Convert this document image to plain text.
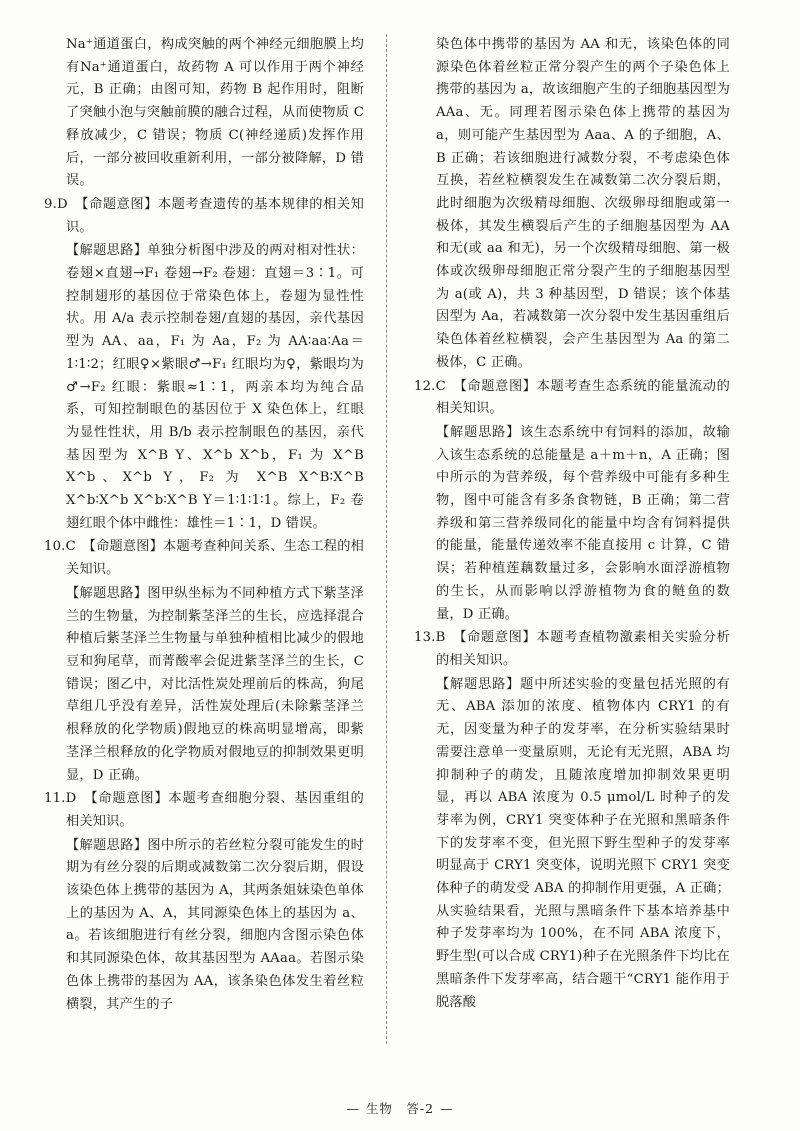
Na⁺通道蛋白，构成突触的两个神经元细胞膜上均有Na⁺通道蛋白，故药物 A 可以作用于两个神经元，B 正确；由图可知，药物 B 起作用时，阻断了突触小泡与突触前膜的融合过程，从而使物质 C 释放减少，C 错误；物质 C(神经递质)发挥作用后，一部分被回收重新利用，一部分被降解，D 错误。

9.D　【命题意图】本题考查遗传的基本规律的相关知识。

【解题思路】单独分析图中涉及的两对相对性状：卷翅×直翅→F₁ 卷翅→F₂ 卷翅：直翅＝3∶1。可控制翅形的基因位于常染色体上，卷翅为显性性状。用 A/a 表示控制卷翅/直翅的基因，亲代基因型为 AA、aa，F₁ 为 Aa，F₂ 为 AA∶aa∶Aa＝1∶1∶2；红眼♀×紫眼♂→F₁ 红眼均为♀，紫眼均为♂→F₂ 红眼：紫眼≈1∶1，两亲本均为纯合品系，可知控制眼色的基因位于 X 染色体上，红眼为显性性状，用 B/b 表示控制眼色的基因，亲代基因型为 X^B Y、X^b X^b，F₁ 为 X^B X^b、X^b Y，F₂ 为 X^B X^B∶X^B X^b∶X^b X^b∶X^B Y＝1∶1∶1∶1。综上，F₂ 卷翅红眼个体中雌性：雄性＝1∶1，D 错误。

10.C　【命题意图】本题考查种间关系、生态工程的相关知识。

【解题思路】图甲纵坐标为不同种植方式下紫茎泽兰的生物量，为控制紫茎泽兰的生长，应选择混合种植后紫茎泽兰生物量与单独种植相比减少的假地豆和狗尾草，而菁酸率会促进紫茎泽兰的生长，C 错误；图乙中，对比活性炭处理前后的株高，狗尾草组几乎没有差异，活性炭处理后(未除紫茎泽兰根释放的化学物质)假地豆的株高明显增高，即紫茎泽兰根释放的化学物质对假地豆的抑制效果更明显，D 正确。

11.D　【命题意图】本题考查细胞分裂、基因重组的相关知识。

【解题思路】图中所示的若丝粒分裂可能发生的时期为有丝分裂的后期或减数第二次分裂后期，假设该染色体上携带的基因为 A，其两条姐妹染色单体上的基因为 A、A，其同源染色体上的基因为 a、a。若该细胞进行有丝分裂，细胞内含图示染色体和其同源染色体，故其基因型为 AAaa。若图示染色体上携带的基因为 AA，该条染色体发生着丝粒横裂，其产生的子

染色体中携带的基因为 AA 和无，该染色体的同源染色体着丝粒正常分裂产生的两个子染色体上携带的基因为 a，故该细胞产生的子细胞基因型为 AAa、无。同理若图示染色体上携带的基因为 a，则可能产生基因型为 Aaa、A 的子细胞，A、B 正确；若该细胞进行减数分裂，不考虑染色体互换，若丝粒横裂发生在减数第二次分裂后期，此时细胞为次级精母细胞、次级卵母细胞或第一极体，其发生横裂后产生的子细胞基因型为 AA 和无(或 aa 和无)，另一个次级精母细胞、第一极体或次级卵母细胞正常分裂产生的子细胞基因型为 a(或 A)，共 3 种基因型，D 错误；该个体基因型为 Aa，若减数第一次分裂中发生基因重组后染色体着丝粒横裂，会产生基因型为 Aa 的第二极体，C 正确。

12.C　【命题意图】本题考查生态系统的能量流动的相关知识。

【解题思路】该生态系统中有饲料的添加，故输入该生态系统的总能量是 a＋m＋n，A 正确；图中所示的为营养级，每个营养级中可能有多种生物，图中可能含有多条食物链，B 正确；第二营养级和第三营养级同化的能量中均含有饲料提供的能量，能量传递效率不能直接用 c 计算，C 错误；若种植莲藕数量过多，会影响水面浮游植物的生长，从而影响以浮游植物为食的鲢鱼的数量，D 正确。

13.B　【命题意图】本题考查植物激素相关实验分析的相关知识。

【解题思路】题中所述实验的变量包括光照的有无、ABA 添加的浓度、植物体内 CRY1 的有无，因变量为种子的发芽率，在分析实验结果时需要注意单一变量原则，无论有无光照，ABA 均抑制种子的萌发，且随浓度增加抑制效果更明显，再以 ABA 浓度为 0.5 μmol/L 时种子的发芽率为例，CRY1 突变体种子在光照和黑暗条件下的发芽率不变，但光照下野生型种子的发芽率明显高于 CRY1 突变体，说明光照下 CRY1 突变体种子的萌发受 ABA 的抑制作用更强，A 正确；从实验结果看，光照与黑暗条件下基本培养基中种子发芽率均为 100%，在不同 ABA 浓度下，野生型(可以合成 CRY1)种子在光照条件下均比在黑暗条件下发芽率高，结合题干“CRY1 能作用于脱落酸

— 生物　 答-2 —
